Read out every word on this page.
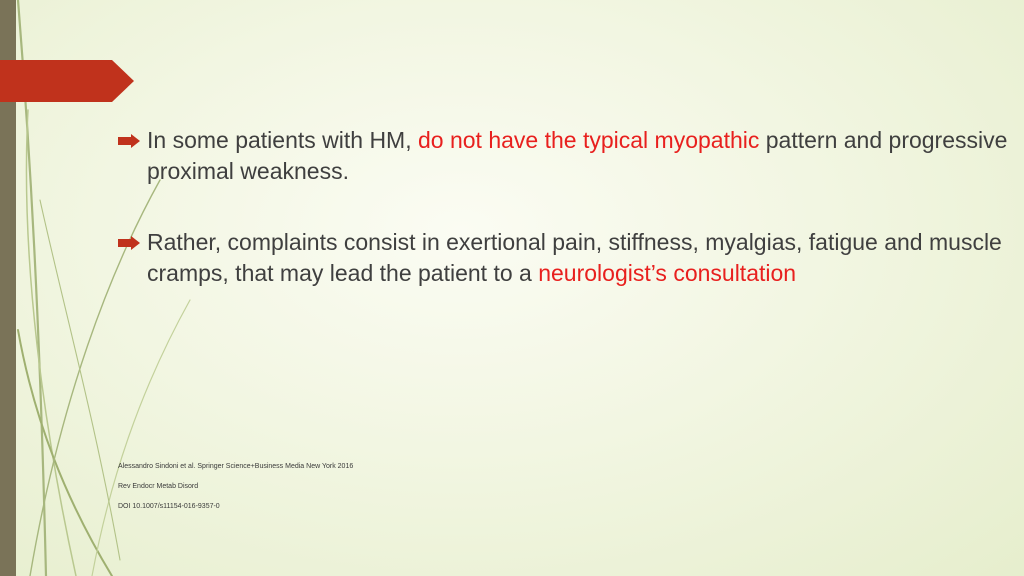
In some patients with HM, do not have the typical myopathic pattern and progressive proximal weakness.
Rather, complaints consist in exertional pain, stiffness, myalgias, fatigue and muscle cramps, that may lead the patient to a neurologist’s consultation
Alessandro Sindoni et al. Springer Science+Business Media New York 2016
Rev Endocr Metab Disord
DOI 10.1007/s11154-016-9357-0
